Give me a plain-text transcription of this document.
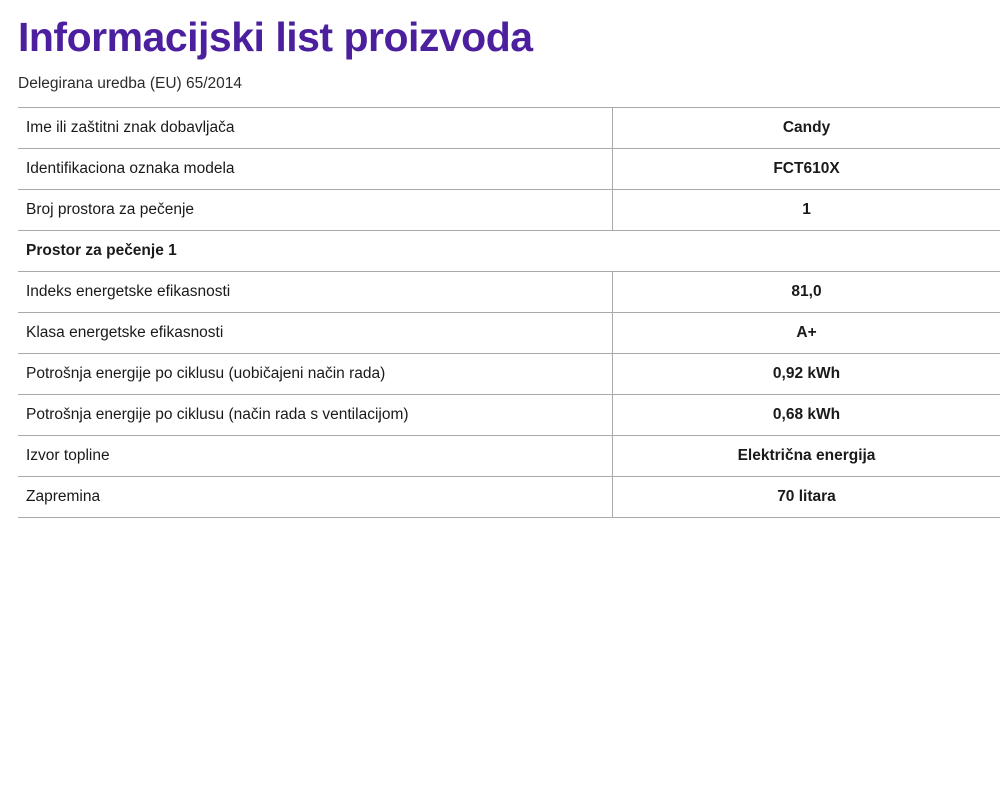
Informacijski list proizvoda
Delegirana uredba (EU) 65/2014
Ime ili zaštitni znak dobavljača	Candy
Identifikaciona oznaka modela	FCT610X
Broj prostora za pečenje	1
Prostor za pečenje 1	
Indeks energetske efikasnosti	81,0
Klasa energetske efikasnosti	A+
Potrošnja energije po ciklusu (uobičajeni način rada)	0,92 kWh
Potrošnja energije po ciklusu (način rada s ventilacijom)	0,68 kWh
Izvor topline	Električna energija
Zapremina	70 litara
